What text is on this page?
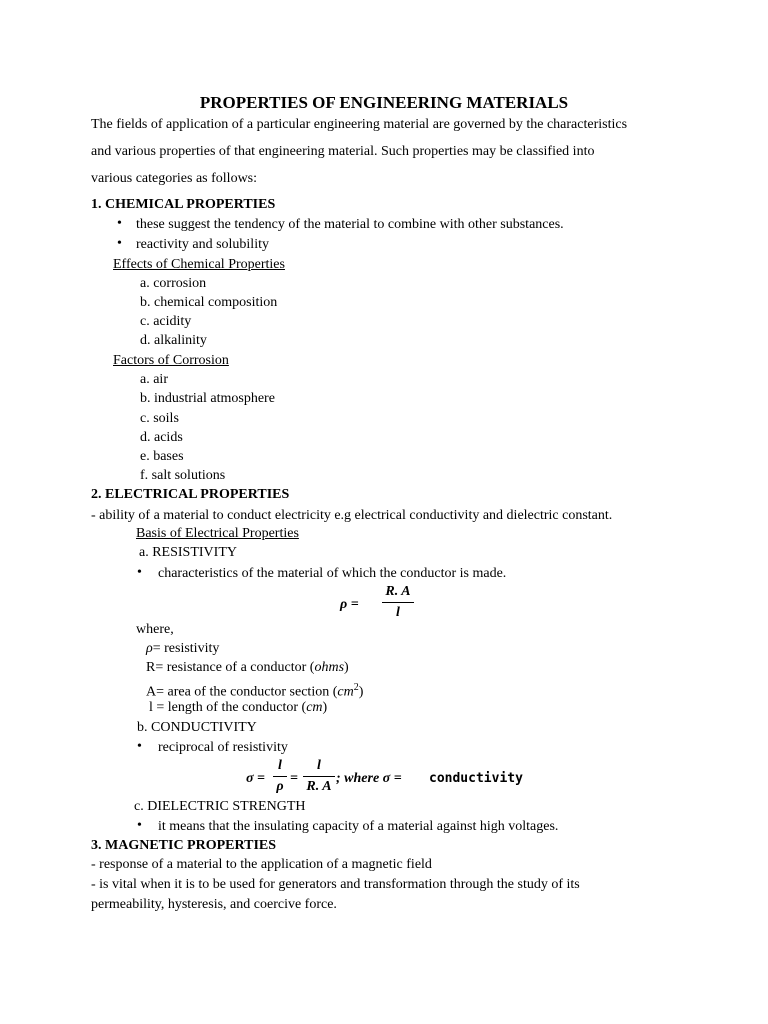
PROPERTIES OF ENGINEERING MATERIALS
The fields of application of a particular engineering material are governed by the characteristics
and various properties of that engineering material. Such properties may be classified into
various categories as follows:
1. CHEMICAL PROPERTIES
• these suggest the tendency of the material to combine with other substances.
• reactivity and solubility
Effects of Chemical Properties
a. corrosion
b. chemical composition
c. acidity
d. alkalinity
Factors of Corrosion
a. air
b. industrial atmosphere
c. soils
d. acids
e. bases
f. salt solutions
2. ELECTRICAL PROPERTIES
- ability of a material to conduct electricity e.g electrical conductivity and dielectric constant.
Basis of Electrical Properties
a. RESISTIVITY
• characteristics of the material of which the conductor is made.
ρ =
R. A
l
where,
ρ= resistivity
R= resistance of a conductor (ohms)
A= area of the conductor section $(cm^2)$
l = length of the conductor (cm)
b. CONDUCTIVITY
• reciprocal of resistivity
σ =
l
ρ
=
l
R. A
; where σ = conductivity
c. DIELECTRIC STRENGTH
• it means that the insulating capacity of a material against high voltages.
3. MAGNETIC PROPERTIES
- response of a material to the application of a magnetic field
- is vital when it is to be used for generators and transformation through the study of its
permeability, hysteresis, and coercive force.
